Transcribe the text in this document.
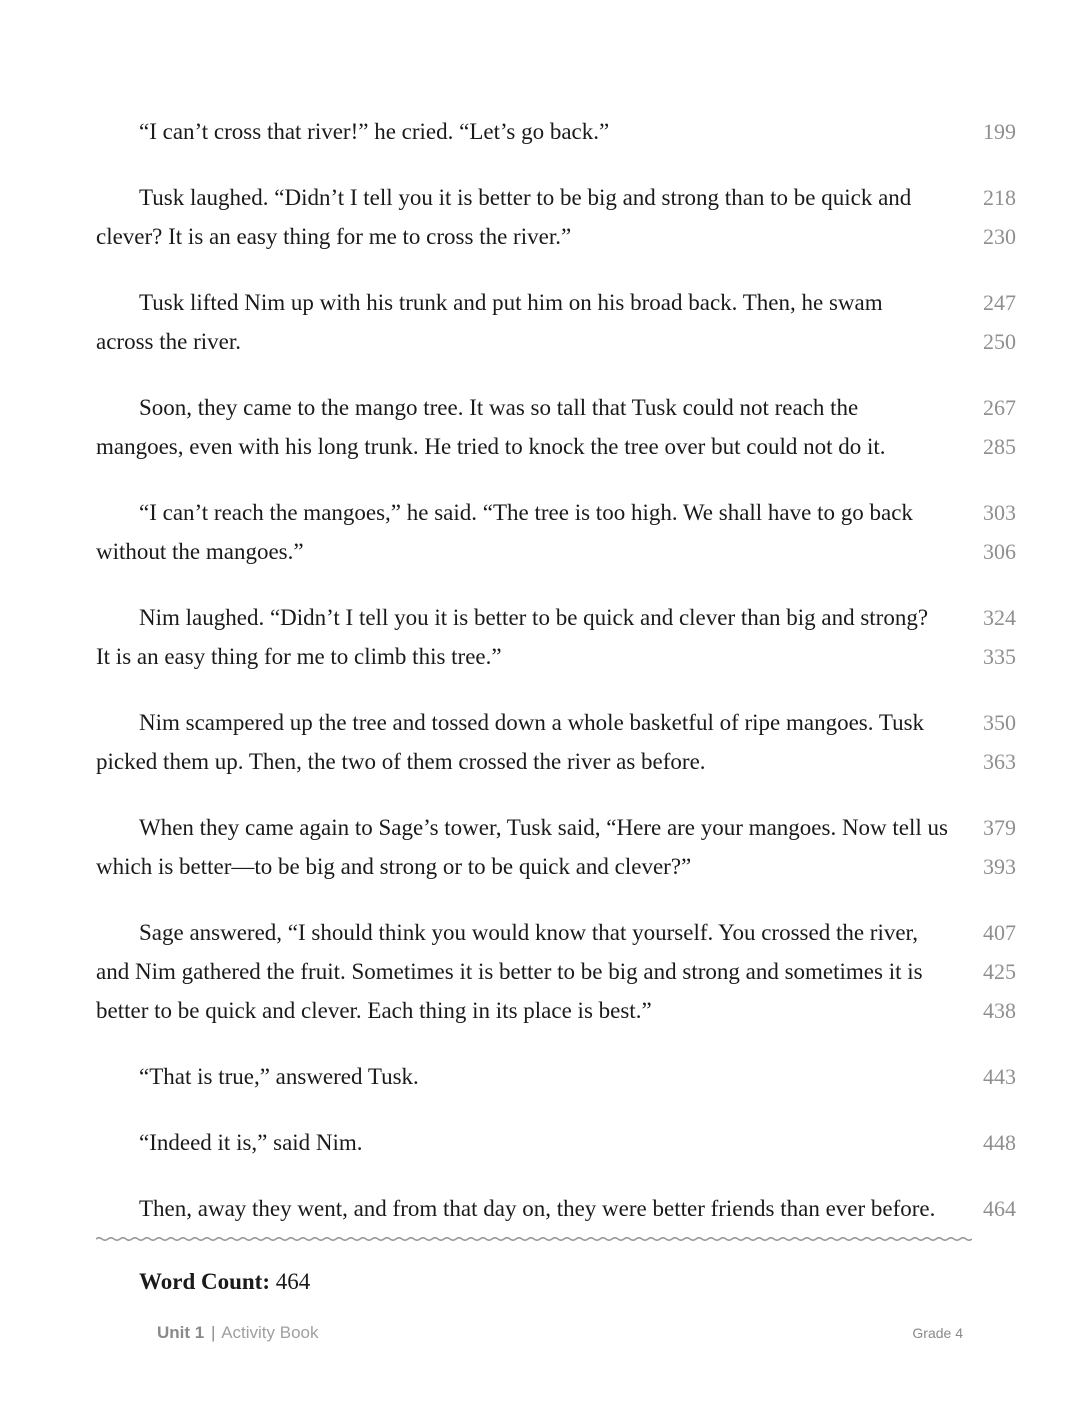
“I can’t cross that river!” he cried. “Let’s go back.”	199
Tusk laughed. “Didn’t I tell you it is better to be big and strong than to be quick and	218
clever? It is an easy thing for me to cross the river.”	230
Tusk lifted Nim up with his trunk and put him on his broad back. Then, he swam	247
across the river.	250
Soon, they came to the mango tree. It was so tall that Tusk could not reach the	267
mangoes, even with his long trunk. He tried to knock the tree over but could not do it.	285
“I can’t reach the mangoes,” he said. “The tree is too high. We shall have to go back	303
without the mangoes.”	306
Nim laughed. “Didn’t I tell you it is better to be quick and clever than big and strong?	324
It is an easy thing for me to climb this tree.”	335
Nim scampered up the tree and tossed down a whole basketful of ripe mangoes. Tusk	350
picked them up. Then, the two of them crossed the river as before.	363
When they came again to Sage’s tower, Tusk said, “Here are your mangoes. Now tell us	379
which is better—to be big and strong or to be quick and clever?”	393
Sage answered, “I should think you would know that yourself. You crossed the river,	407
and Nim gathered the fruit. Sometimes it is better to be big and strong and sometimes it is	425
better to be quick and clever. Each thing in its place is best.”	438
“That is true,” answered Tusk.	443
“Indeed it is,” said Nim.	448
Then, away they went, and from that day on, they were better friends than ever before.	464
Word Count: 464
Unit 1 | Activity Book	Grade 4
